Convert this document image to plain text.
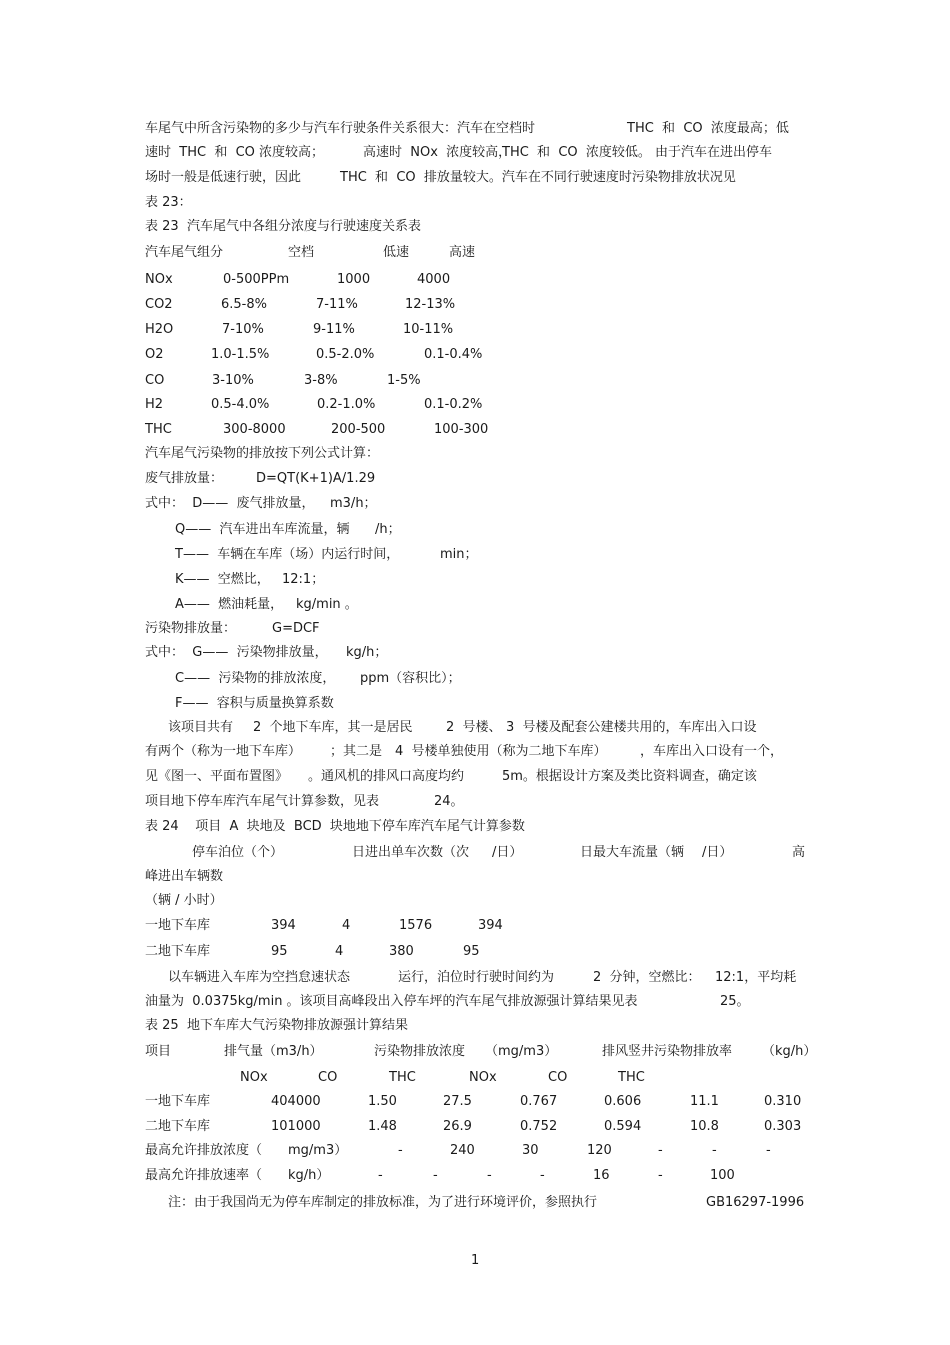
车尾气中所含污染物的多少与汽车行驶条件关系很大：汽车在空档时	THC  和  CO  浓度最高；低
速时  THC  和  CO 浓度较高；	高速时  NOx  浓度较高，
THC  和  CO  浓度较低。 由于汽车在进出停车
场时一般是低速行驶，因此	THC  和  CO  排放量较大。汽车在不同行驶速度时污染物排放状况见
表 23：
表 23  汽车尾气中各组分浓度与行驶速度关系表
汽车尾气组分	空档	低速	高速
NOx	0-500PPm	1000	4000
CO2	6.5-8%	7-11%	12-13%
H2O	7-10%	9-11%	10-11%
O2	1.0-1.5%	0.5-2.0%	0.1-0.4%
CO	3-10%	3-8%	1-5%
H2	0.5-4.0%	0.2-1.0%	0.1-0.2%
THC	300-8000	200-500	100-300
汽车尾气污染物的排放按下列公式计算：
废气排放量：	D=QT(K+1)A/1.29
式中：  D——  废气排放量， m3/h；
Q——  汽车进出车库流量，辆 /h；
T——  车辆在车库（场）内运行时间，	min；
K——  空燃比， 12:1；
A——  燃油耗量， kg/min 。
污染物排放量：	G=DCF
式中：  G——  污染物排放量， kg/h；
C——  污染物的排放浓度， ppm（容积比）；
F——  容积与质量换算系数
该项目共有 2  个地下车库，其一是居民	2  号楼、 3  号楼及配套公建楼共用的，车库出入口设
有两个（称为一地下车库） ；其二是 4  号楼单独使用（称为二地下车库）	，车库出入口设有一个，
见《图一、平面布置图》 。通风机的排风口高度均约	5m。根据设计方案及类比资料调查，确定该
项目地下停车库汽车尾气计算参数，见表	24。
表 24    项目  A  块地及  BCD  块地地下停车库汽车尾气计算参数
停车泊位（个）	日进出单车次数（次 /日）	日最大车流量（辆 /日）	高
峰进出车辆数
（辆 / 小时）
一地下车库	394	4	1576	394
二地下车库	95	4	380	95
以车辆进入车库为空挡怠速状态	运行，泊位时行驶时间约为	2  分钟，空燃比： 12:1，平均耗
油量为  0.0375kg/min 。该项目高峰段出入停车坪的汽车尾气排放源强计算结果见表	25。
表 25  地下车库大气污染物排放源强计算结果
项目	排气量（m3/h）	污染物排放浓度 （mg/m3）	排风竖井污染物排放率 （kg/h）
NOx	CO	THC	NOx	CO	THC
一地下车库	404000	1.50	27.5	0.767	0.606	11.1	0.310
二地下车库	101000	1.48	26.9	0.752	0.594	10.8	0.303
最高允许排放浓度（ mg/m3）	-	240	30	120	-	-	-
最高允许排放速率（ kg/h）	-	-	-	-	16	-	100
注：由于我国尚无为停车库制定的排放标准，为了进行环境评价，参照执行	GB16297-1996
1
